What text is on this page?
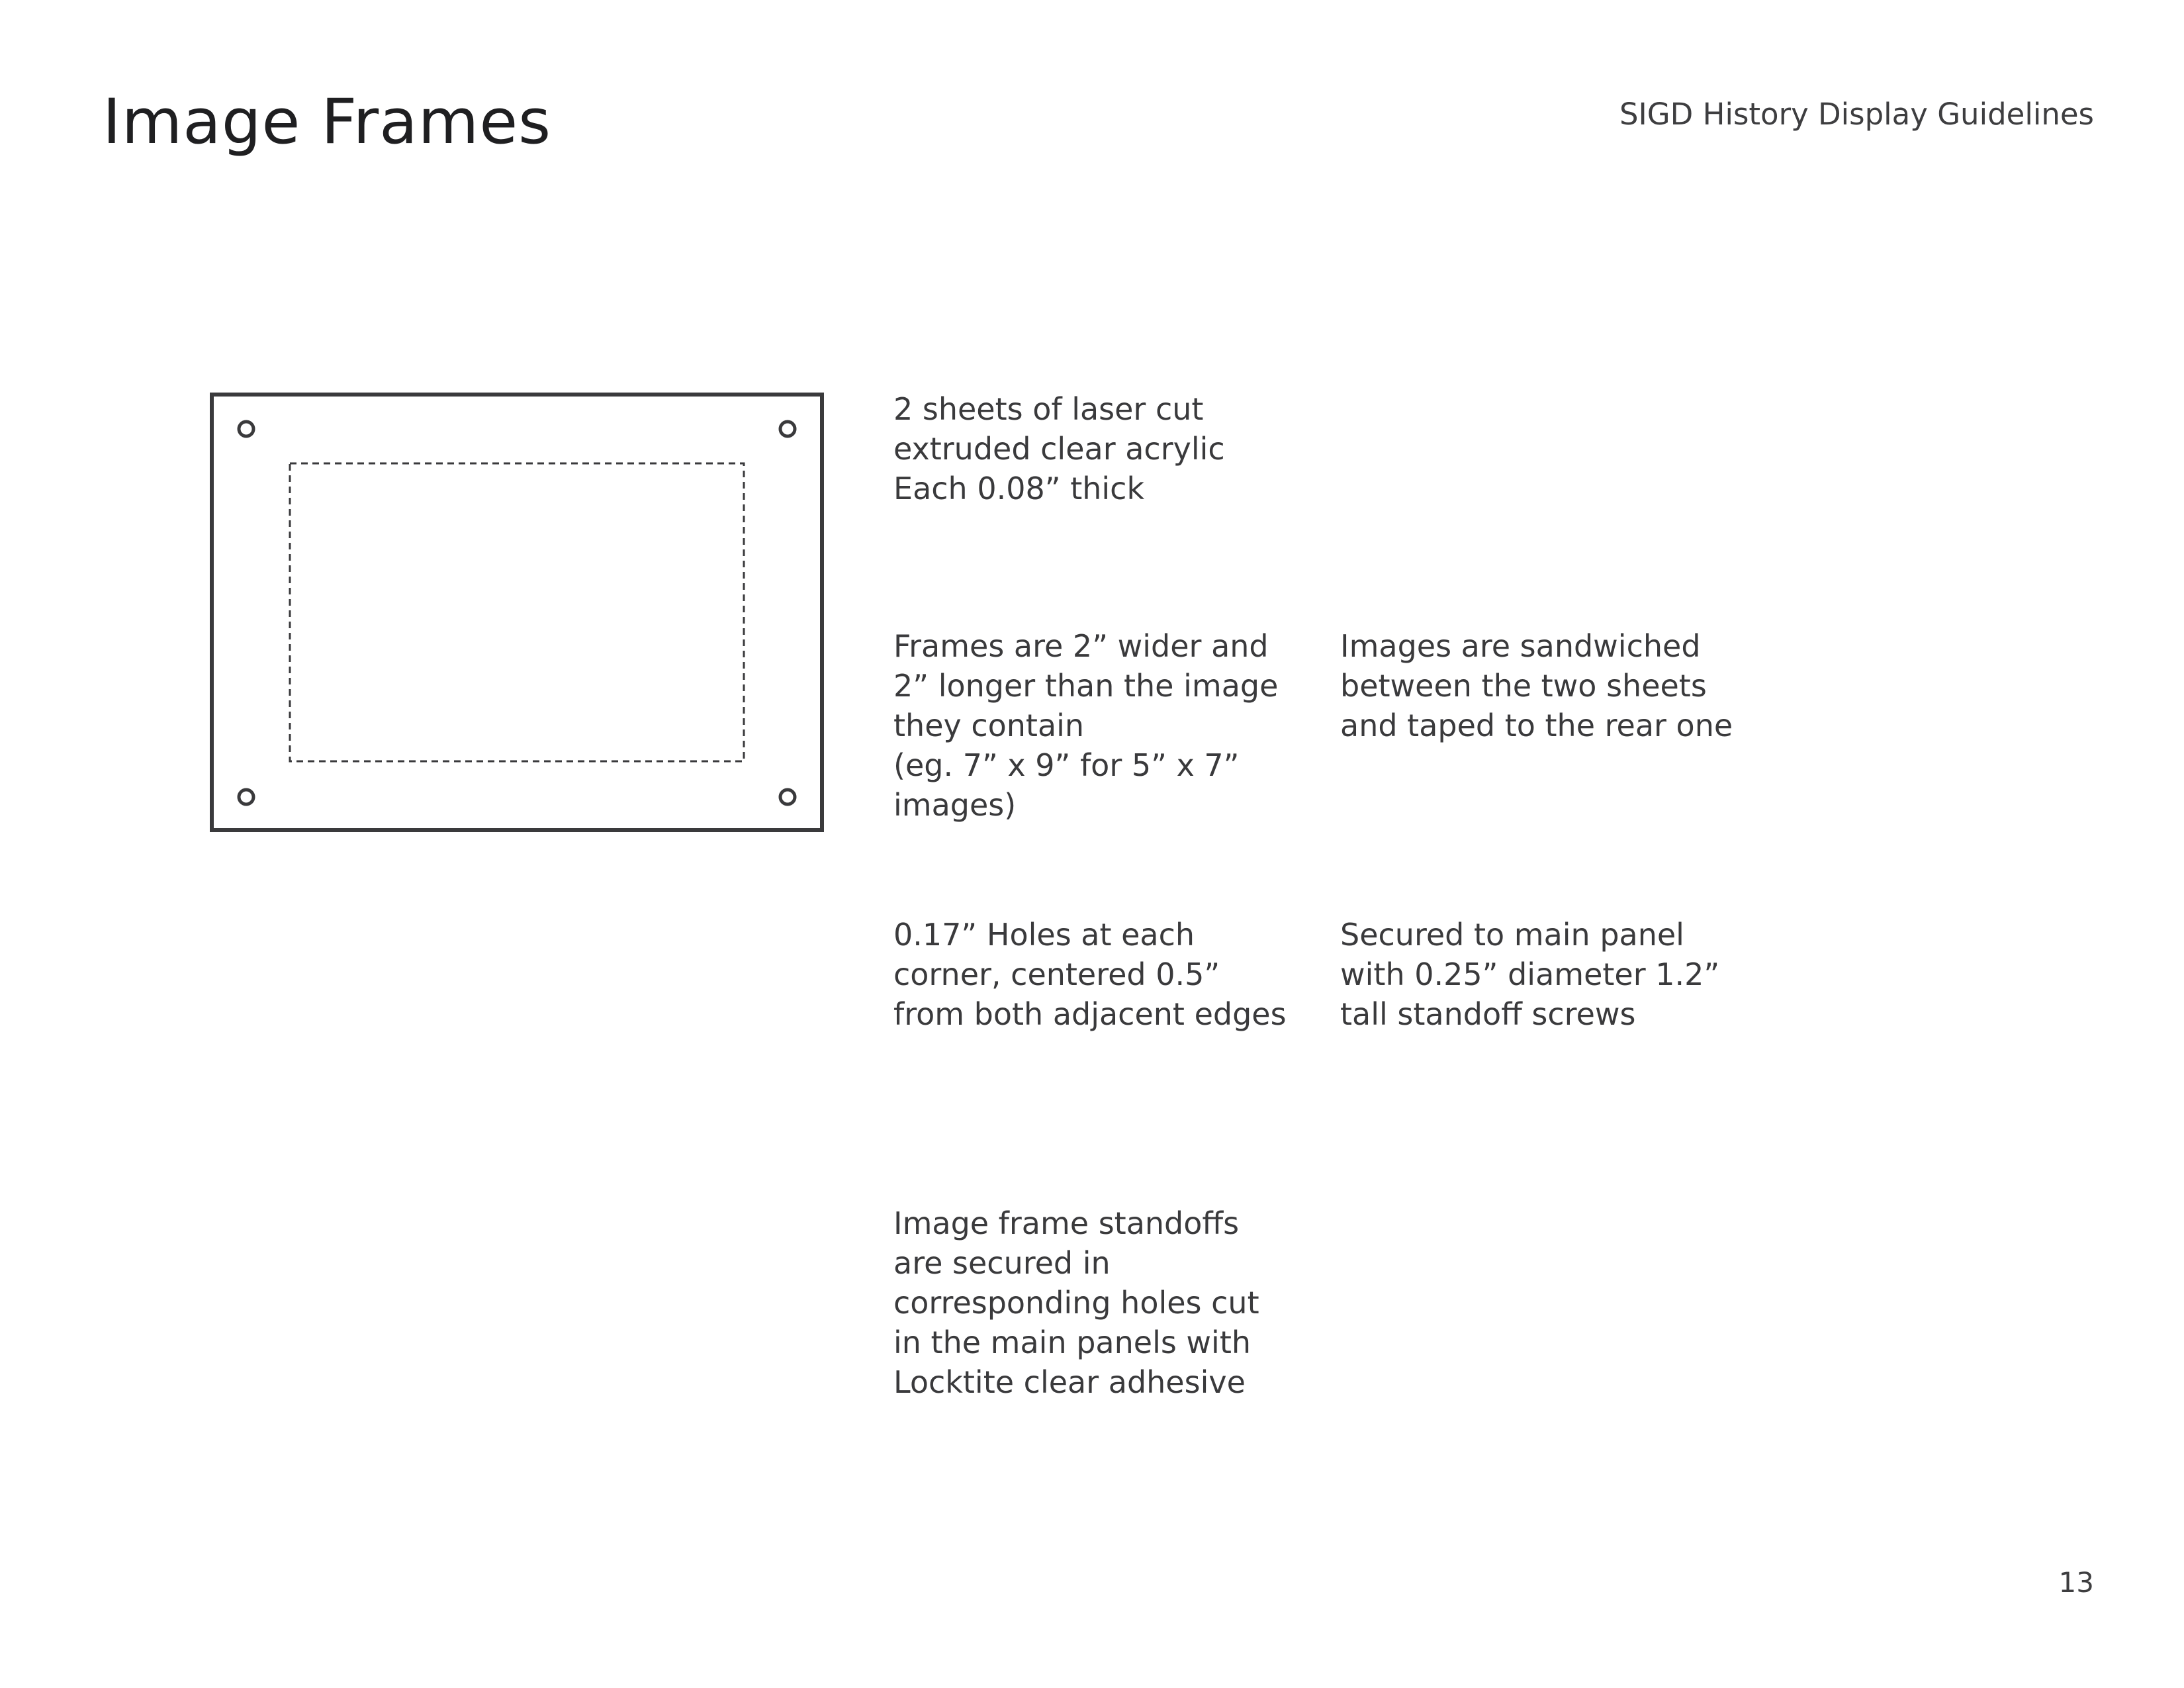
Image Frames	SIGD History Display Guidelines
2 sheets of laser cut
extruded clear acrylic
Each 0.08” thick
Frames are 2” wider and
2” longer than the image
they contain
(eg. 7” x 9” for 5” x 7”
images)
Images are sandwiched
between the two sheets
and taped to the rear one
0.17” Holes at each
corner, centered 0.5”
from both adjacent edges
Secured to main panel
with 0.25” diameter 1.2”
tall standoff screws
Image frame standoffs
are secured in
corresponding holes cut
in the main panels with
Locktite clear adhesive
13
